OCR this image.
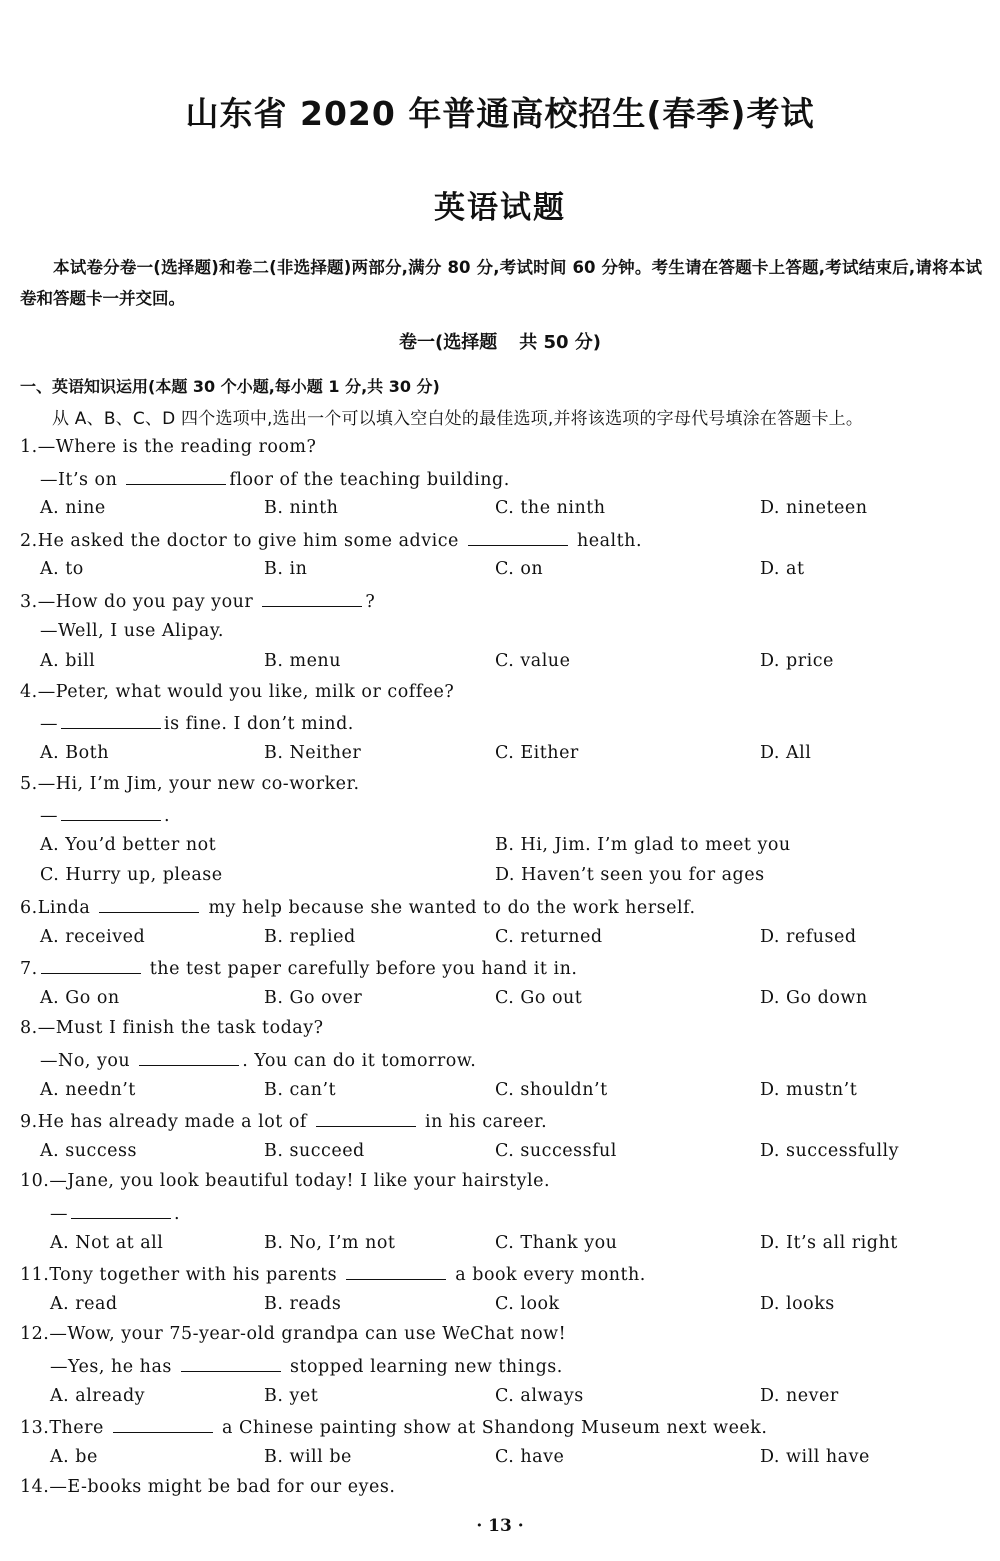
山东省 2020 年普通高校招生(春季)考试
英语试题
本试卷分卷一(选择题)和卷二(非选择题)两部分,满分 80 分,考试时间 60 分钟。考生请在答题卡上答题,考试结束后,请将本试卷和答题卡一并交回。
卷一(选择题 共 50 分)
一、英语知识运用(本题 30 个小题,每小题 1 分,共 30 分)
从 A、B、C、D 四个选项中,选出一个可以填入空白处的最佳选项,并将该选项的字母代号填涂在答题卡上。
1.—Where is the reading room?
—It’s on	floor of the teaching building.
A. nine	B. ninth	C. the ninth	D. nineteen
2.He asked the doctor to give him some advice	health.
A. to	B. in	C. on	D. at
3.—How do you pay your	?
—Well, I use Alipay.
A. bill	B. menu	C. value	D. price
4.—Peter, what would you like, milk or coffee?
—	is fine. I don’t mind.
A. Both	B. Neither	C. Either	D. All
5.—Hi, I’m Jim, your new co-worker.
—	.
A. You’d better not	B. Hi, Jim. I’m glad to meet you
C. Hurry up, please	D. Haven’t seen you for ages
6.Linda	my help because she wanted to do the work herself.
A. received	B. replied	C. returned	D. refused
7.	the test paper carefully before you hand it in.
A. Go on	B. Go over	C. Go out	D. Go down
8.—Must I finish the task today?
—No, you	. You can do it tomorrow.
A. needn’t	B. can’t	C. shouldn’t	D. mustn’t
9.He has already made a lot of	in his career.
A. success	B. succeed	C. successful	D. successfully
10.—Jane, you look beautiful today! I like your hairstyle.
—	.
A. Not at all	B. No, I’m not	C. Thank you	D. It’s all right
11.Tony together with his parents	a book every month.
A. read	B. reads	C. look	D. looks
12.—Wow, your 75-year-old grandpa can use WeChat now!
—Yes, he has	stopped learning new things.
A. already	B. yet	C. always	D. never
13.There	a Chinese painting show at Shandong Museum next week.
A. be	B. will be	C. have	D. will have
14.—E-books might be bad for our eyes.
· 13 ·
